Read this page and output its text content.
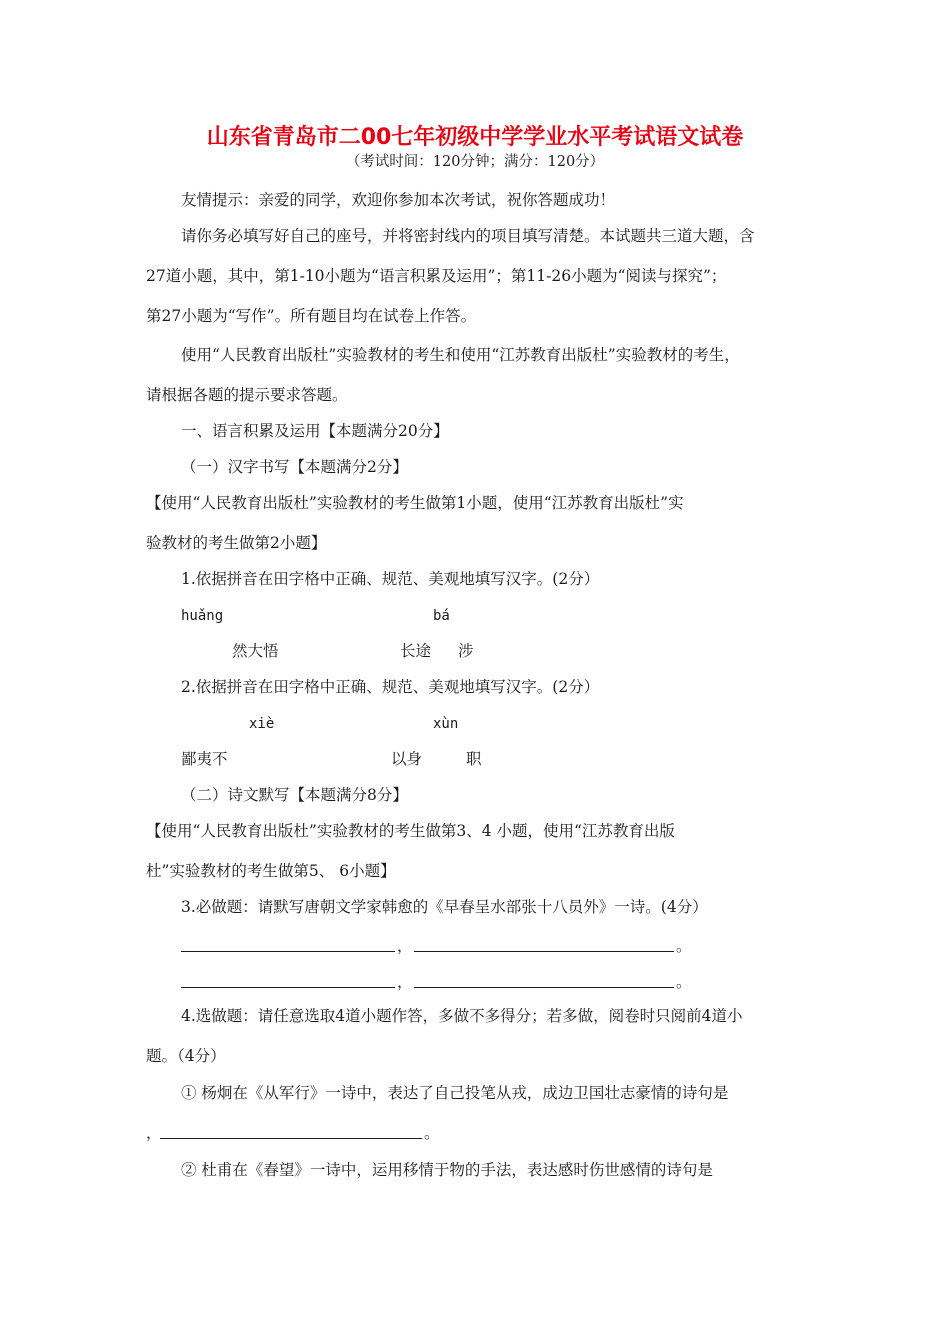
山东省青岛市二00七年初级中学学业水平考试语文试卷
（考试时间：120分钟；满分：120分）
友情提示：亲爱的同学，欢迎你参加本次考试，祝你答题成功！
请你务必填写好自己的座号，并将密封线内的项目填写清楚。本试题共三道大题，含
27道小题，其中，第1-10小题为“语言积累及运用”；第11-26小题为“阅读与探究”；
第27小题为“写作”。所有题目均在试卷上作答。
使用“人民教育出版杜”实验教材的考生和使用“江苏教育出版杜”实验教材的考生，
请根据各题的提示要求答题。
一、语言积累及运用【本题满分20分】
（一）汉字书写【本题满分2分】
【使用“人民教育出版杜”实验教材的考生做第1小题，使用“江苏教育出版杜”实
验教材的考生做第2小题】
1.依据拼音在田字格中正确、规范、美观地填写汉字。(2分）
huǎng	bá
然大悟	长途 涉
2.依据拼音在田字格中正确、规范、美观地填写汉字。(2分）
xiè	xùn
鄙夷不	以身	职
（二）诗文默写【本题满分8分】
【使用“人民教育出版杜”实验教材的考生做第3、4 小题，使用“江苏教育出版
杜”实验教材的考生做第5、 6小题】
3.必做题：请默写唐朝文学家韩愈的《早春呈水部张十八员外》一诗。(4分）
，	。
，	。
4.选做题：请任意选取4道小题作答，多做不多得分；若多做，阅卷时只阅前4道小
题。（4分）
① 杨炯在《从军行》一诗中，表达了自己投笔从戎，成边卫国壮志豪情的诗句是
，	。
② 杜甫在《春望》一诗中，运用移情于物的手法，表达感时伤世感情的诗句是
